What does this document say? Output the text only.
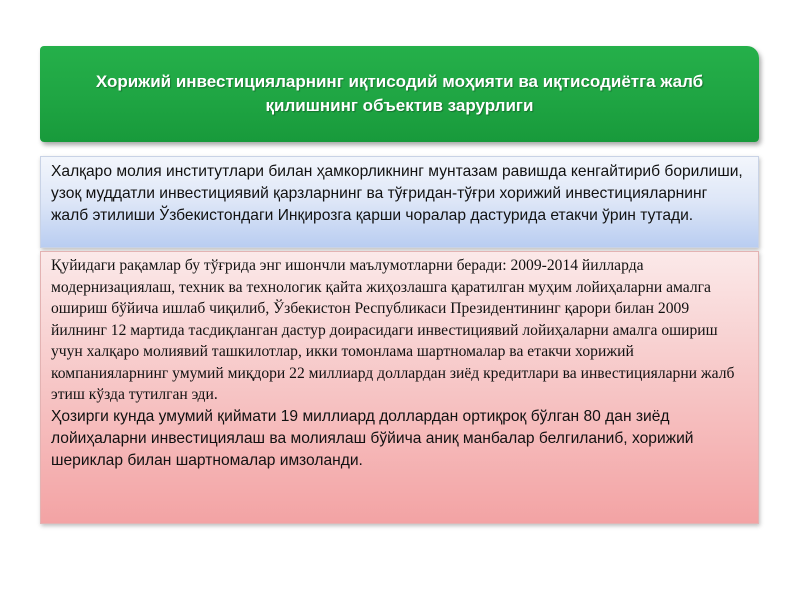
Хорижий инвестицияларнинг иқтисодий моҳияти ва иқтисодиётга жалб қилишнинг объектив зарурлиги

Халқаро молия институтлари билан ҳамкорликнинг мунтазам равишда кенгайтириб борилиши, узоқ муддатли инвестициявий қарзларнинг ва тўғридан-тўғри хорижий инвестицияларнинг жалб этилиши Ўзбекистондаги Инқирозга қарши чоралар дастурида етакчи ўрин тутади.

Қуйидаги рақамлар бу тўғрида энг ишончли маълумотларни беради: 2009-2014 йилларда модернизациялаш, техник ва технологик қайта жиҳозлашга қаратилган муҳим лойиҳаларни амалга ошириш бўйича ишлаб чиқилиб, Ўзбекистон Республикаси Президентининг қарори билан 2009 йилнинг 12 мартида тасдиқланган дастур доирасидаги инвестициявий лойиҳаларни амалга ошириш учун халқаро молиявий ташкилотлар, икки томонлама шартномалар ва етакчи хорижий компанияларнинг умумий миқдори 22 миллиард доллардан зиёд кредитлари ва инвестицияларни жалб этиш кўзда тутилган эди.

Ҳозирги кунда умумий қиймати 19 миллиард доллардан ортиқроқ бўлган 80 дан зиёд лойиҳаларни инвестициялаш ва молиялаш бўйича аниқ манбалар белгиланиб, хорижий шериклар билан шартномалар имзоланди.
